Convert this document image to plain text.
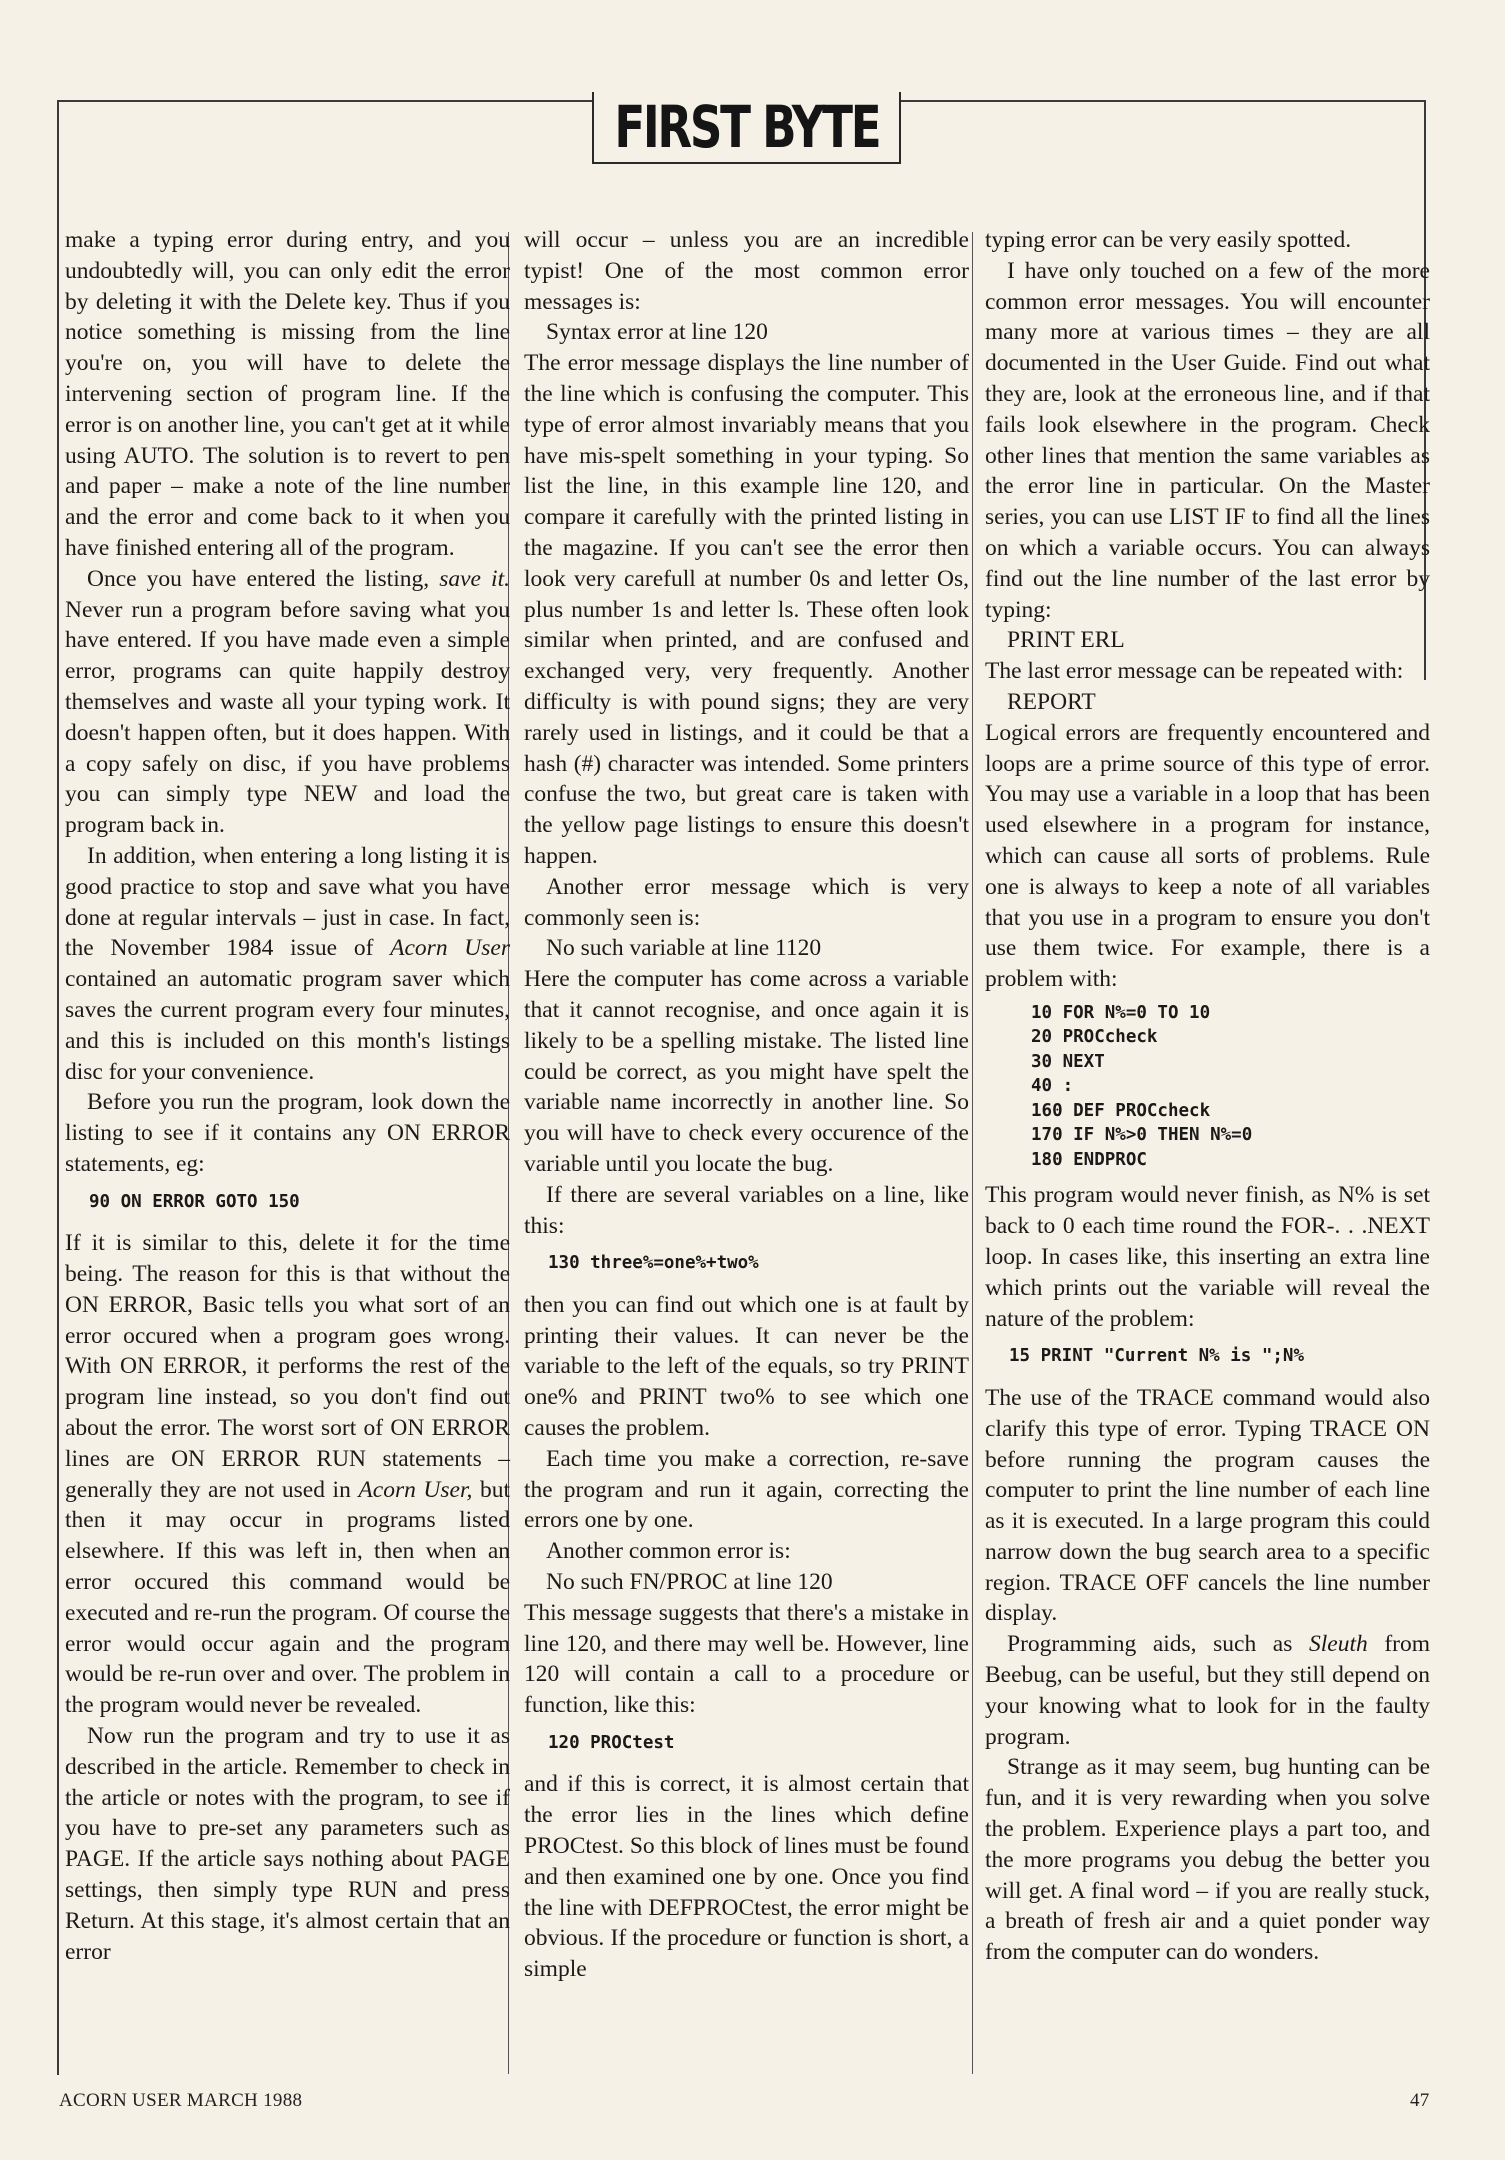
FIRST BYTE

make a typing error during entry, and you undoubtedly will, you can only edit the error by deleting it with the Delete key. Thus if you notice something is missing from the line you're on, you will have to delete the intervening section of program line. If the error is on another line, you can't get at it while using AUTO. The solution is to revert to pen and paper – make a note of the line number and the error and come back to it when you have finished entering all of the program.

Once you have entered the listing, save it. Never run a program before saving what you have entered. If you have made even a simple error, programs can quite happily destroy themselves and waste all your typing work. It doesn't happen often, but it does happen. With a copy safely on disc, if you have problems you can simply type NEW and load the program back in.

In addition, when entering a long listing it is good practice to stop and save what you have done at regular intervals – just in case. In fact, the November 1984 issue of Acorn User contained an automatic program saver which saves the current program every four minutes, and this is included on this month's listings disc for your convenience.

Before you run the program, look down the listing to see if it contains any ON ERROR statements, eg:

90 ON ERROR GOTO 150

If it is similar to this, delete it for the time being. The reason for this is that without the ON ERROR, Basic tells you what sort of an error occured when a program goes wrong. With ON ERROR, it performs the rest of the program line instead, so you don't find out about the error. The worst sort of ON ERROR lines are ON ERROR RUN statements – generally they are not used in Acorn User, but then it may occur in programs listed elsewhere. If this was left in, then when an error occured this command would be executed and re-run the program. Of course the error would occur again and the program would be re-run over and over. The problem in the program would never be revealed.

Now run the program and try to use it as described in the article. Remember to check in the article or notes with the program, to see if you have to pre-set any parameters such as PAGE. If the article says nothing about PAGE settings, then simply type RUN and press Return. At this stage, it's almost certain that an error

will occur – unless you are an incredible typist! One of the most common error messages is:

Syntax error at line 120

The error message displays the line number of the line which is confusing the computer. This type of error almost invariably means that you have mis-spelt something in your typing. So list the line, in this example line 120, and compare it carefully with the printed listing in the magazine. If you can't see the error then look very carefull at number 0s and letter Os, plus number 1s and letter ls. These often look similar when printed, and are confused and exchanged very, very frequently. Another difficulty is with pound signs; they are very rarely used in listings, and it could be that a hash (#) character was intended. Some printers confuse the two, but great care is taken with the yellow page listings to ensure this doesn't happen.

Another error message which is very commonly seen is:

No such variable at line 1120

Here the computer has come across a variable that it cannot recognise, and once again it is likely to be a spelling mistake. The listed line could be correct, as you might have spelt the variable name incorrectly in another line. So you will have to check every occurence of the variable until you locate the bug.

If there are several variables on a line, like this:

130 three%=one%+two%

then you can find out which one is at fault by printing their values. It can never be the variable to the left of the equals, so try PRINT one% and PRINT two% to see which one causes the problem.

Each time you make a correction, re-save the program and run it again, correcting the errors one by one.

Another common error is:

No such FN/PROC at line 120

This message suggests that there's a mistake in line 120, and there may well be. However, line 120 will contain a call to a procedure or function, like this:

120 PROCtest

and if this is correct, it is almost certain that the error lies in the lines which define PROCtest. So this block of lines must be found and then examined one by one. Once you find the line with DEFPROCtest, the error might be obvious. If the procedure or function is short, a simple

typing error can be very easily spotted.

I have only touched on a few of the more common error messages. You will encounter many more at various times – they are all documented in the User Guide. Find out what they are, look at the erroneous line, and if that fails look elsewhere in the program. Check other lines that mention the same variables as the error line in particular. On the Master series, you can use LIST IF to find all the lines on which a variable occurs. You can always find out the line number of the last error by typing:

PRINT ERL

The last error message can be repeated with:

REPORT

Logical errors are frequently encountered and loops are a prime source of this type of error. You may use a variable in a loop that has been used elsewhere in a program for instance, which can cause all sorts of problems. Rule one is always to keep a note of all variables that you use in a program to ensure you don't use them twice. For example, there is a problem with:

10 FOR N%=0 TO 10
20 PROCcheck
30 NEXT
40 :
160 DEF PROCcheck
170 IF N%>0 THEN N%=0
180 ENDPROC

This program would never finish, as N% is set back to 0 each time round the FOR-. . .NEXT loop. In cases like, this inserting an extra line which prints out the variable will reveal the nature of the problem:

15 PRINT "Current N% is ";N%

The use of the TRACE command would also clarify this type of error. Typing TRACE ON before running the program causes the computer to print the line number of each line as it is executed. In a large program this could narrow down the bug search area to a specific region. TRACE OFF cancels the line number display.

Programming aids, such as Sleuth from Beebug, can be useful, but they still depend on your knowing what to look for in the faulty program.

Strange as it may seem, bug hunting can be fun, and it is very rewarding when you solve the problem. Experience plays a part too, and the more programs you debug the better you will get. A final word – if you are really stuck, a breath of fresh air and a quiet ponder way from the computer can do wonders.

ACORN USER MARCH 1988	47
